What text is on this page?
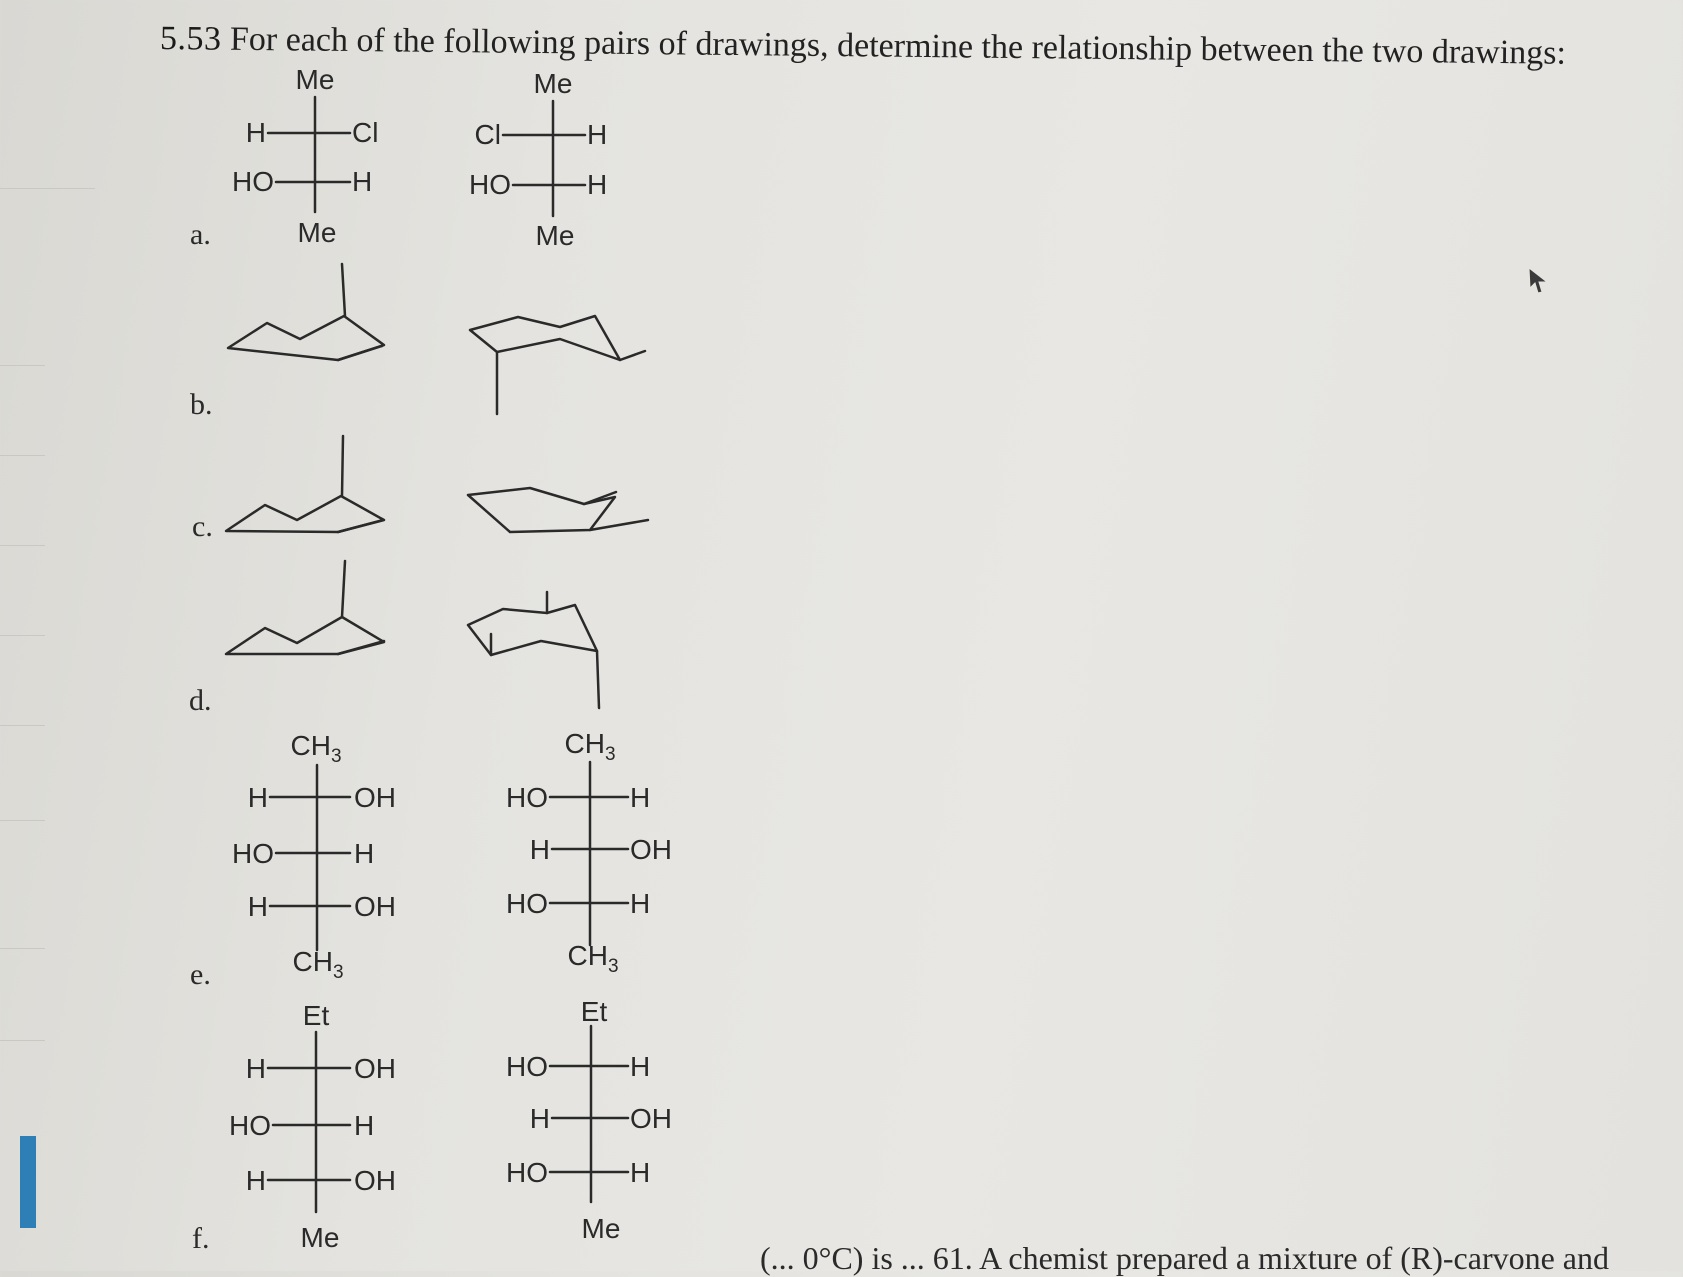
5.53 For each of the following pairs of drawings, determine the relationship between the two drawings:
a.
b.
c.
d.
e.
f.
Me
H	Cl
HO	H
Me
Me
Cl	H
HO	H
Me
$CH_3$
H	OH
HO	H
H	OH
$CH_3$
$CH_3$
HO	H
H	OH
HO	H
$CH_3$
Et
H	OH
HO	H
H	OH
Me
Et
HO	H
H	OH
HO	H
Me
(... 0°C) is ... 61. A chemist prepared a mixture of (R)-carvone and
